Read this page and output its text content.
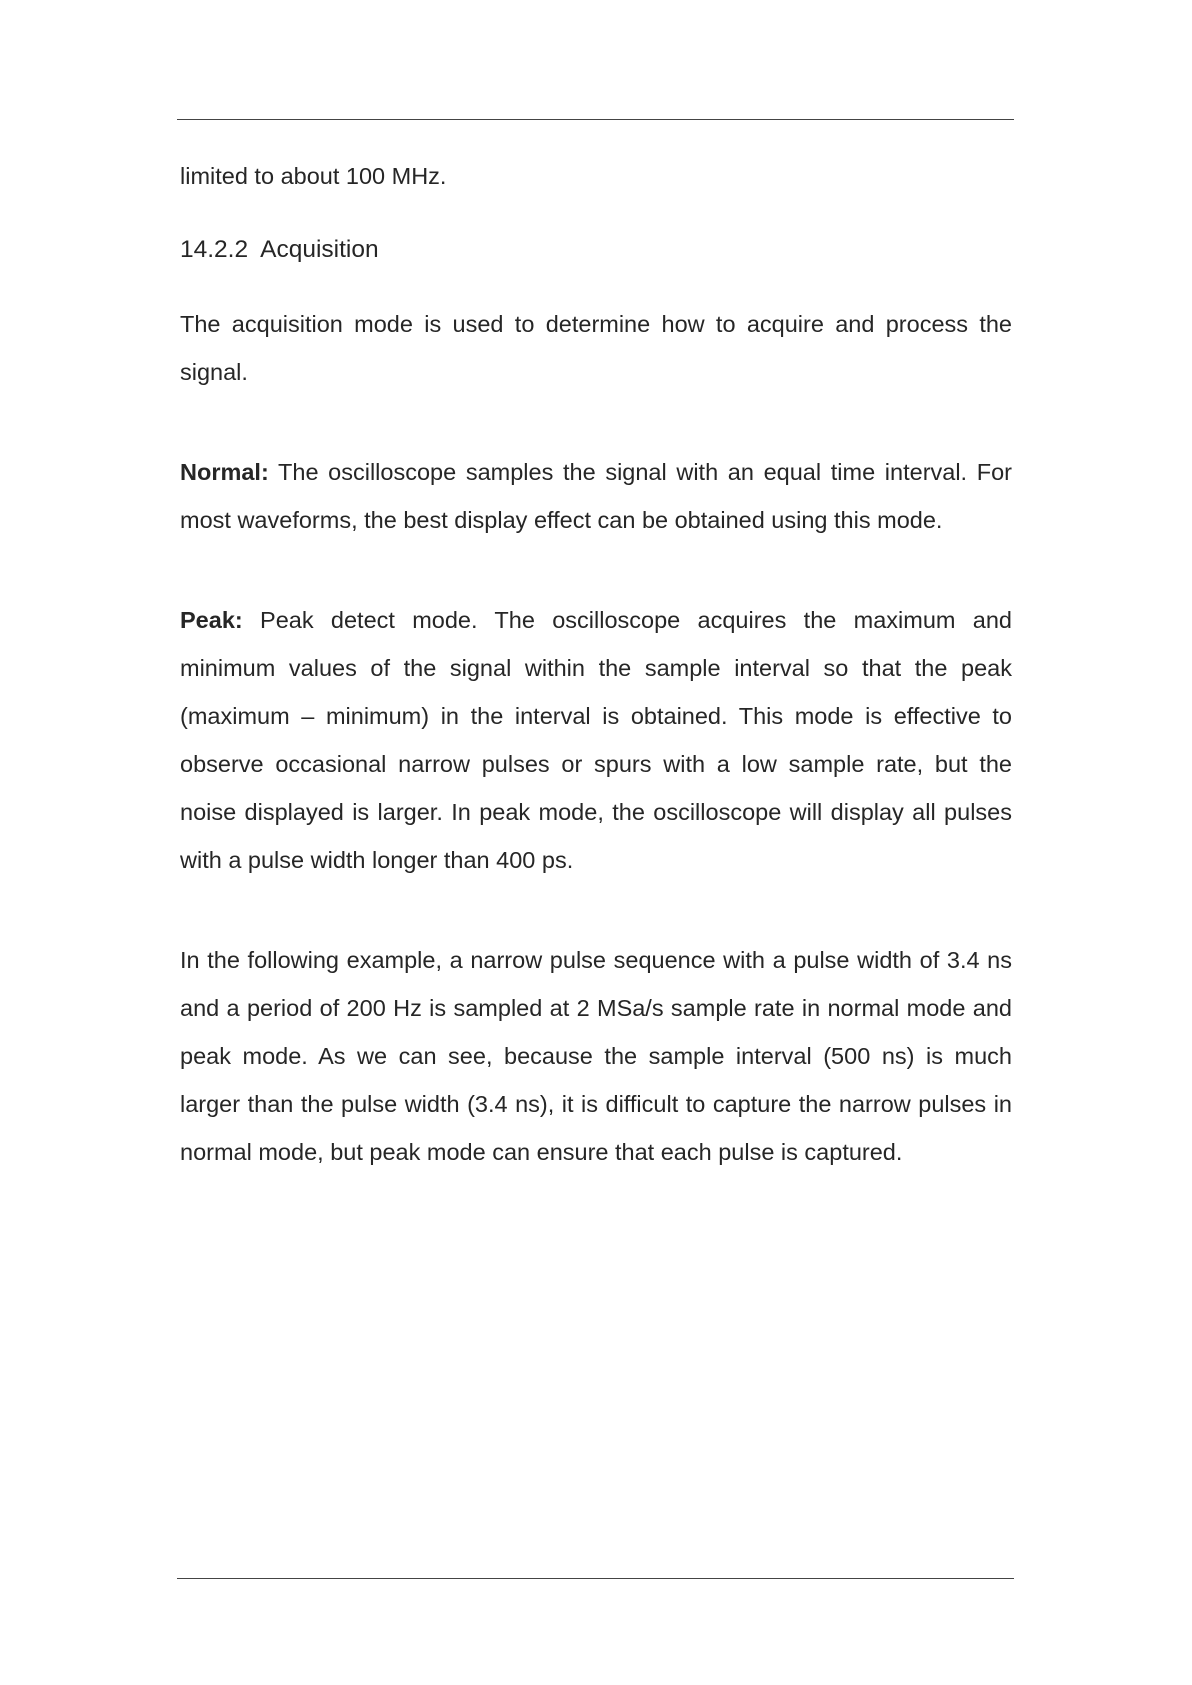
limited to about 100 MHz.

14.2.2 Acquisition

The acquisition mode is used to determine how to acquire and process the signal.

Normal: The oscilloscope samples the signal with an equal time interval. For most waveforms, the best display effect can be obtained using this mode.

Peak: Peak detect mode. The oscilloscope acquires the maximum and minimum values of the signal within the sample interval so that the peak (maximum – minimum) in the interval is obtained. This mode is effective to observe occasional narrow pulses or spurs with a low sample rate, but the noise displayed is larger. In peak mode, the oscilloscope will display all pulses with a pulse width longer than 400 ps.

In the following example, a narrow pulse sequence with a pulse width of 3.4 ns and a period of 200 Hz is sampled at 2 MSa/s sample rate in normal mode and peak mode. As we can see, because the sample interval (500 ns) is much larger than the pulse width (3.4 ns), it is difficult to capture the narrow pulses in normal mode, but peak mode can ensure that each pulse is captured.
